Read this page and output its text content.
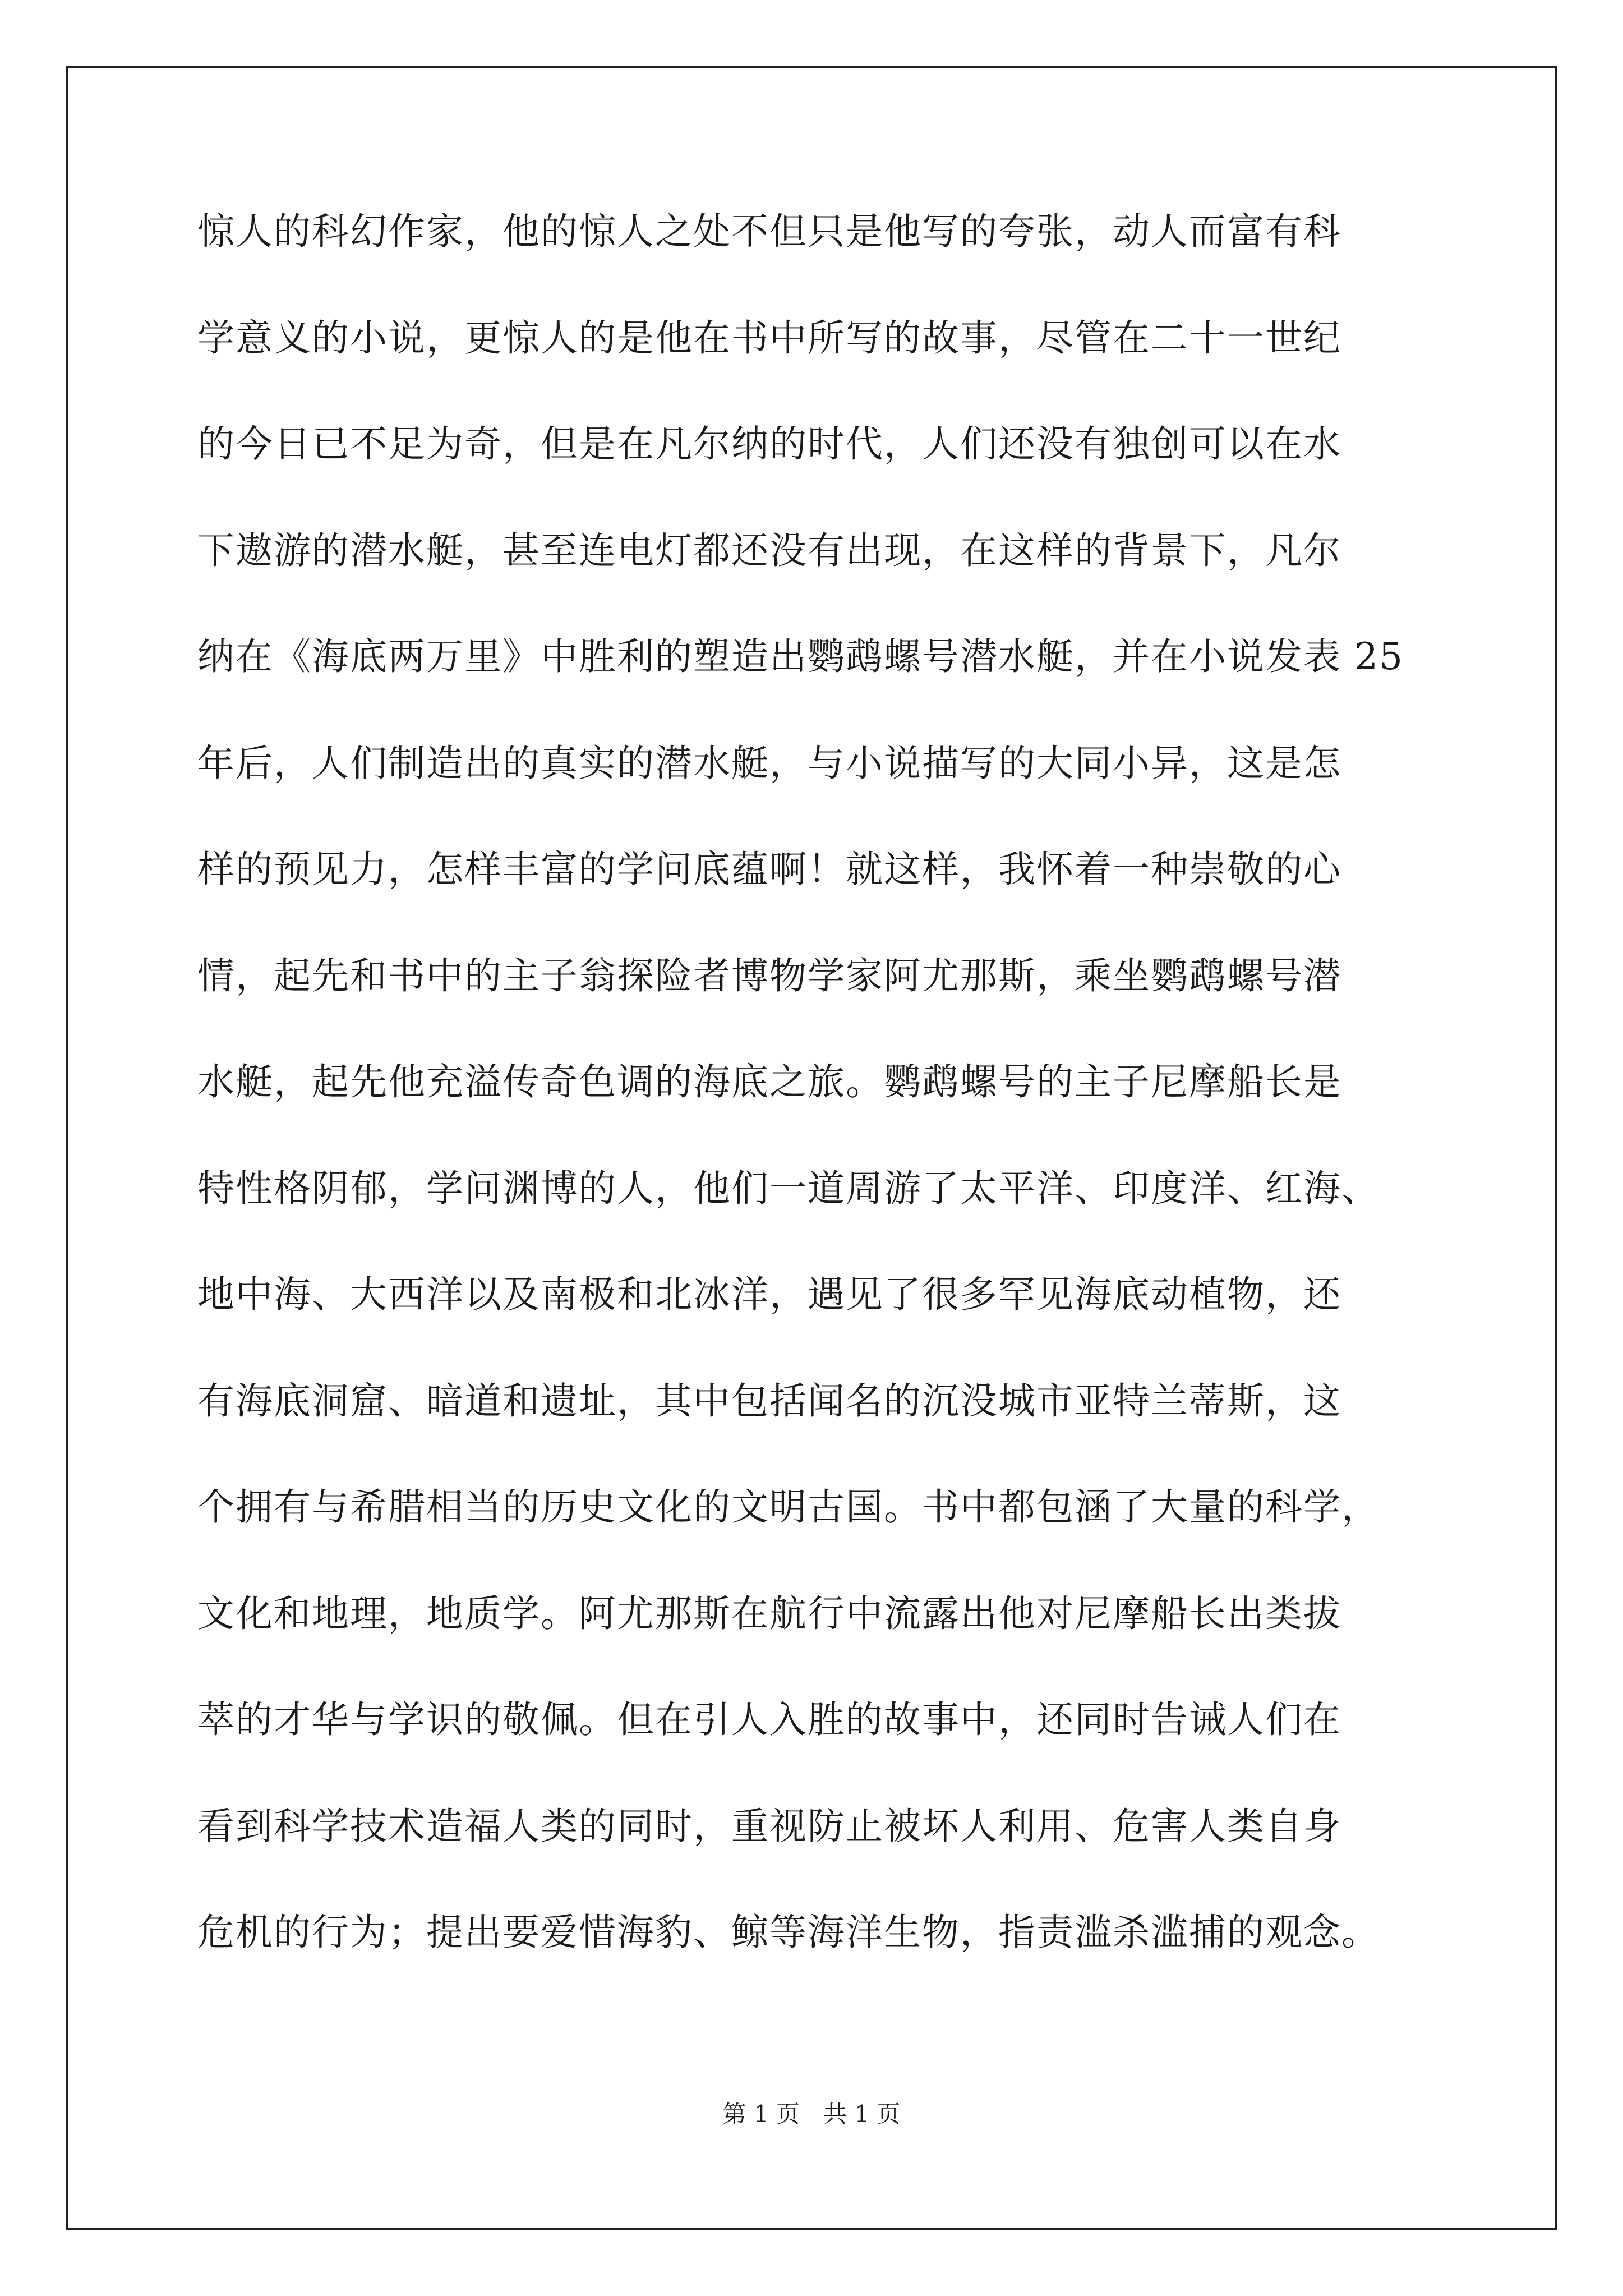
惊人的科幻作家，他的惊人之处不但只是他写的夸张，动人而富有科
学意义的小说，更惊人的是他在书中所写的故事，尽管在二十一世纪
的今日已不足为奇，但是在凡尔纳的时代，人们还没有独创可以在水
下遨游的潜水艇，甚至连电灯都还没有出现，在这样的背景下，凡尔
纳在《海底两万里》中胜利的塑造出鹦鹉螺号潜水艇，并在小说发表 25
年后，人们制造出的真实的潜水艇，与小说描写的大同小异，这是怎
样的预见力，怎样丰富的学问底蕴啊！就这样，我怀着一种崇敬的心
情，起先和书中的主子翁探险者博物学家阿尤那斯，乘坐鹦鹉螺号潜
水艇，起先他充溢传奇色调的海底之旅。鹦鹉螺号的主子尼摩船长是
特性格阴郁，学问渊博的人，他们一道周游了太平洋、印度洋、红海、
地中海、大西洋以及南极和北冰洋，遇见了很多罕见海底动植物，还
有海底洞窟、暗道和遗址，其中包括闻名的沉没城市亚特兰蒂斯，这
个拥有与希腊相当的历史文化的文明古国。书中都包涵了大量的科学，
文化和地理，地质学。阿尤那斯在航行中流露出他对尼摩船长出类拔
萃的才华与学识的敬佩。但在引人入胜的故事中，还同时告诫人们在
看到科学技术造福人类的同时，重视防止被坏人利用、危害人类自身
危机的行为；提出要爱惜海豹、鲸等海洋生物，指责滥杀滥捕的观念。
第 1 页　共 1 页
